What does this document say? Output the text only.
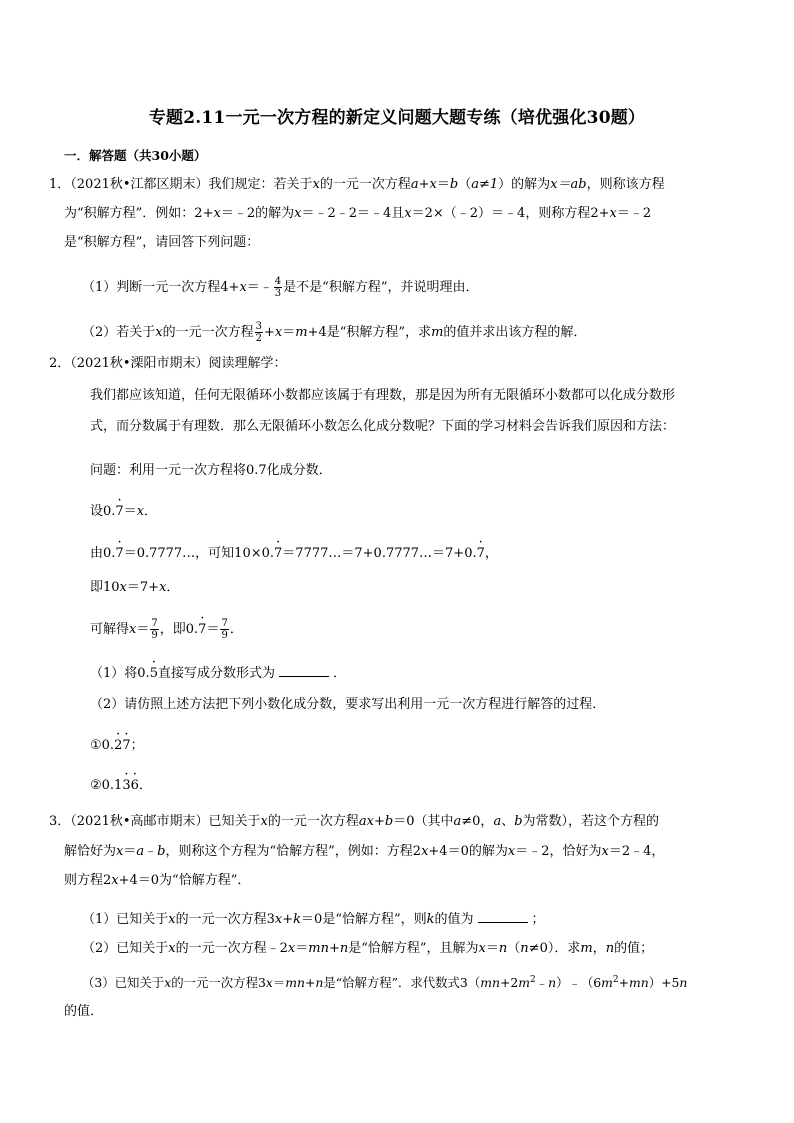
专题2.11一元一次方程的新定义问题大题专练（培优强化30题）
一．解答题（共30小题）
1．（2021秋•江都区期末）我们规定：若关于x的一元一次方程a+x＝b（a≠1）的解为x＝ab，则称该方程
为“积解方程”．例如：2+x＝﹣2的解为x＝﹣2﹣2＝﹣4且x＝2×（﹣2）＝﹣4，则称方程2+x＝﹣2
是“积解方程”，请回答下列问题：
（1）判断一元一次方程4+x＝﹣ $\frac{4}{3}$ 是不是“积解方程”，并说明理由．
（2）若关于x的一元一次方程 $\frac{3}{2} +x=m+4$是“积解方程”，求m的值并求出该方程的解．
2．（2021秋•溧阳市期末）阅读理解学：
我们都应该知道，任何无限循环小数都应该属于有理数，那是因为所有无限循环小数都可以化成分数形
式，而分数属于有理数．那么无限循环小数怎么化成分数呢？下面的学习材料会告诉我们原因和方法：
问题：利用一元一次方程将0.7化成分数．
设0.· 7＝x．
由0.· 7＝0.7777…，可知10×0.· 7＝7777…＝7+0.7777…＝7+0.· 7，
即10x＝7+x．
可解得$x= \frac{7}{9}$ ，即$0.\cdot 7= \frac{7}{9}$ ．
（1）将0.· 5直接写成分数形式为	．
（2）请仿照上述方法把下列小数化成分数，要求写出利用一元一次方程进行解答的过程．
①0.· 2· 7；
②0.1· 3· 6．
3．（2021秋•高邮市期末）已知关于x的一元一次方程ax+b＝0（其中a≠0，a、b为常数），若这个方程的
解恰好为x＝a﹣b，则称这个方程为“恰解方程”，例如：方程2x+4＝0的解为x＝﹣2，恰好为x＝2﹣4，
则方程2x+4＝0为“恰解方程”．
（1）已知关于x的一元一次方程3x+k＝0是“恰解方程”，则k的值为	；
（2）已知关于x的一元一次方程﹣2x＝mn+n是“恰解方程”，且解为x＝n（n≠0）．求m，n的值；
（3）已知关于x的一元一次方程3x＝mn+n是“恰解方程”．求代数式$3(mn+2m^2﹣n)﹣(6m^2+mn)+5n$
的值．
